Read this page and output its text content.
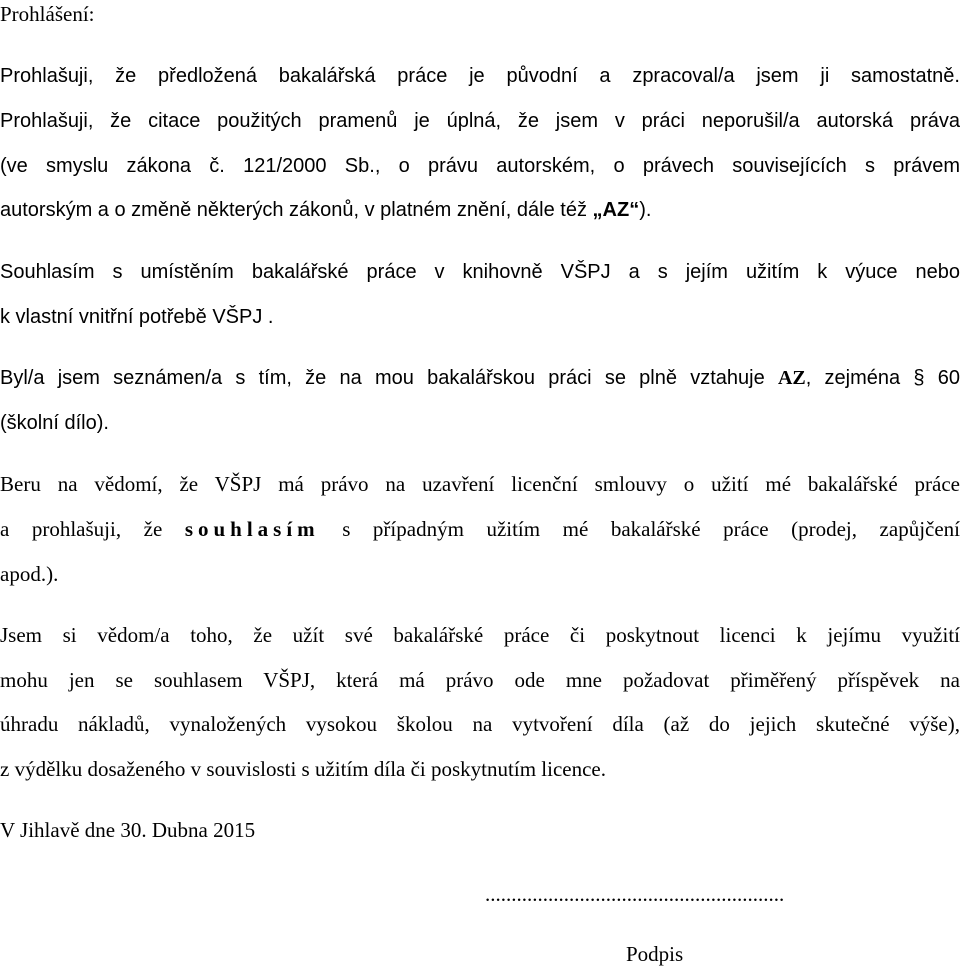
Prohlášení:
Prohlašuji, že předložená bakalářská práce je původní a zpracoval/a jsem ji samostatně.
Prohlašuji, že citace použitých pramenů je úplná, že jsem v práci neporušil/a autorská práva
(ve smyslu zákona č. 121/2000 Sb., o právu autorském, o právech souvisejících s právem
autorským a o změně některých zákonů, v platném znění, dále též „AZ“).
Souhlasím s umístěním bakalářské práce v knihovně VŠPJ a s jejím užitím k výuce nebo
k vlastní vnitřní potřebě VŠPJ .
Byl/a jsem seznámen/a s tím, že na mou bakalářskou práci se plně vztahuje AZ, zejména § 60
(školní dílo).
Beru na vědomí, že VŠPJ má právo na uzavření licenční smlouvy o užití mé bakalářské práce
a prohlašuji, že souhlasím s případným užitím mé bakalářské práce (prodej, zapůjčení
apod.).
Jsem si vědom/a toho, že užít své bakalářské práce či poskytnout licenci k jejímu využití
mohu jen se souhlasem VŠPJ, která má právo ode mne požadovat přiměřený příspěvek na
úhradu nákladů, vynaložených vysokou školou na vytvoření díla (až do jejich skutečné výše),
z výdělku dosaženého v souvislosti s užitím díla či poskytnutím licence.
V Jihlavě dne 30. Dubna 2015
.........................................................
Podpis
